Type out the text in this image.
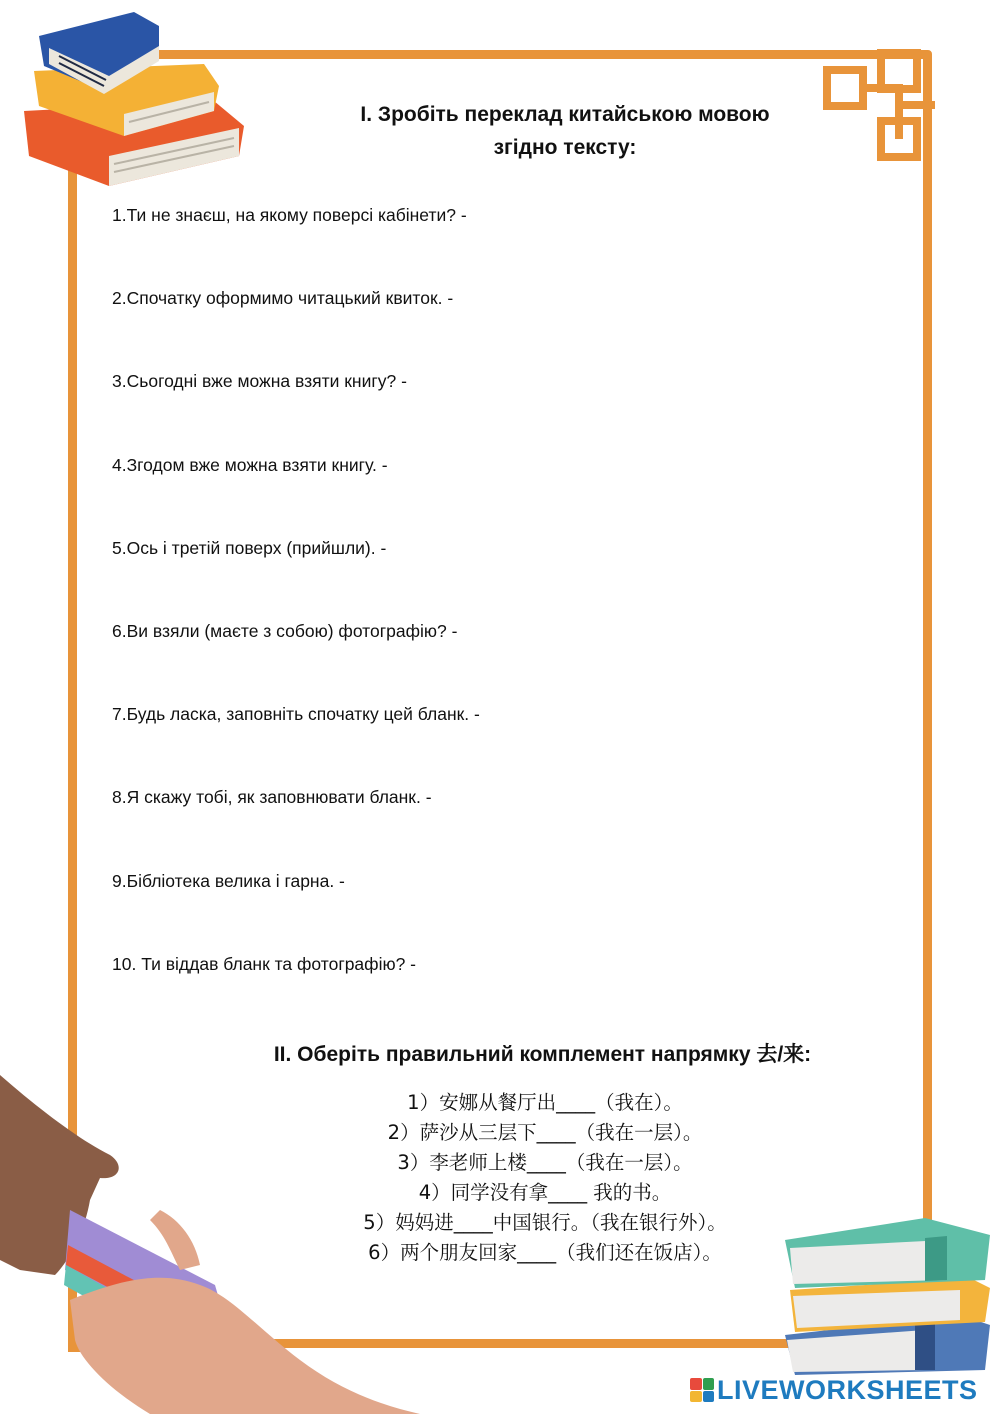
I. Зробіть переклад китайською мовою
згідно тексту:
1.Ти не знаєш, на якому поверсі кабінети? -
2.Спочатку оформимо читацький квиток. -
3.Сьогодні вже можна взяти книгу? -
4.Згодом вже можна взяти книгу. -
5.Ось і третій поверх (прийшли). -
6.Ви взяли (маєте з собою) фотографію? -
7.Будь ласка, заповніть спочатку цей бланк. -
8.Я скажу тобі, як заповнювати бланк. -
9.Бібліотека велика і гарна. -
10. Ти віддав бланк та фотографію? -
II. Оберіть правильний комплемент напрямку 去/来:
1）安娜从餐厅出____（我在）。
2）萨沙从三层下____（我在一层）。
3）李老师上楼____（我在一层）。
4）同学没有拿____ 我的书。
5）妈妈进____中国银行。（我在银行外）。
6）两个朋友回家____（我们还在饭店）。
LIVEWORKSHEETS
